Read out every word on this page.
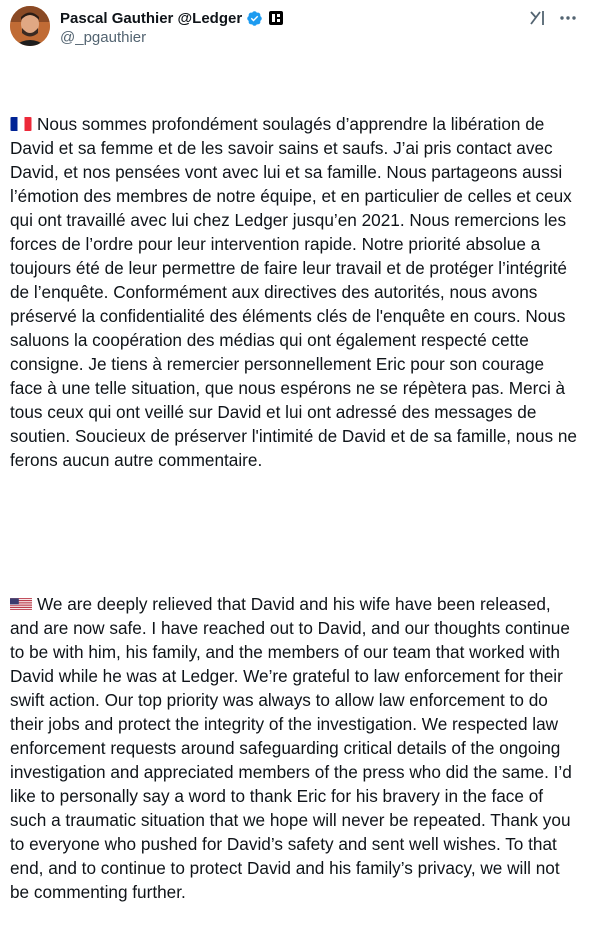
Pascal Gauthier @Ledger
@_pgauthier

Nous sommes profondément soulagés d’apprendre la libération de David et sa femme et de les savoir sains et saufs. J’ai pris contact avec David, et nos pensées vont avec lui et sa famille. Nous partageons aussi l’émotion des membres de notre équipe, et en particulier de celles et ceux qui ont travaillé avec lui chez Ledger jusqu’en 2021. Nous remercions les forces de l’ordre pour leur intervention rapide. Notre priorité absolue a toujours été de leur permettre de faire leur travail et de protéger l’intégrité de l’enquête. Conformément aux directives des autorités, nous avons préservé la confidentialité des éléments clés de l'enquête en cours. Nous saluons la coopération des médias qui ont également respecté cette consigne. Je tiens à remercier personnellement Eric pour son courage face à une telle situation, que nous espérons ne se répètera pas. Merci à tous ceux qui ont veillé sur David et lui ont adressé des messages de soutien. Soucieux de préserver l'intimité de David et de sa famille, nous ne ferons aucun autre commentaire.

We are deeply relieved that David and his wife have been released, and are now safe. I have reached out to David, and our thoughts continue to be with him, his family, and the members of our team that worked with David while he was at Ledger. We’re grateful to law enforcement for their swift action. Our top priority was always to allow law enforcement to do their jobs and protect the integrity of the investigation. We respected law enforcement requests around safeguarding critical details of the ongoing investigation and appreciated members of the press who did the same. I’d like to personally say a word to thank Eric for his bravery in the face of such a traumatic situation that we hope will never be repeated. Thank you to everyone who pushed for David’s safety and sent well wishes. To that end, and to continue to protect David and his family’s privacy, we will not be commenting further.
